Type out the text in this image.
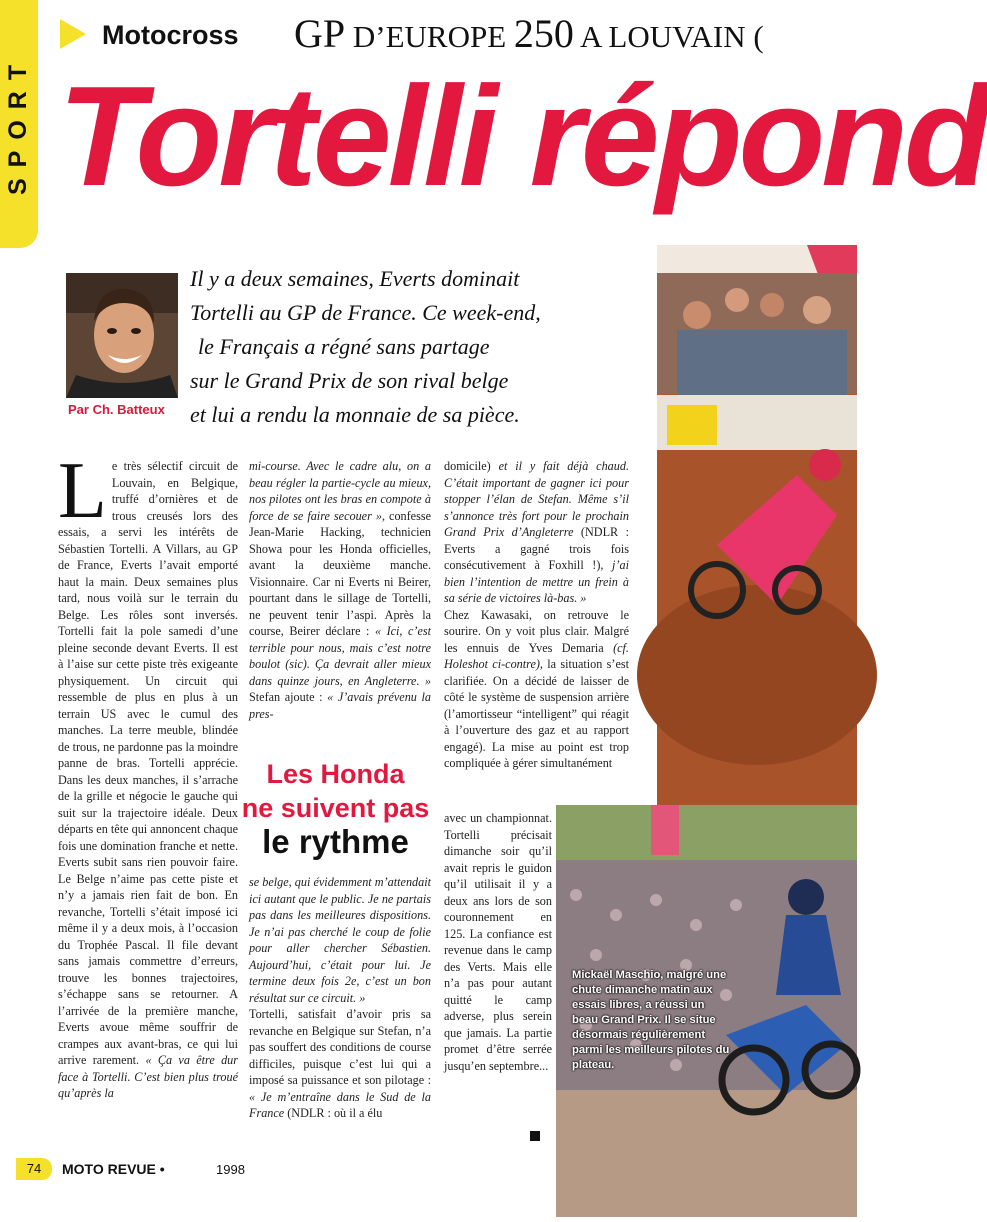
SPORT
Motocross GP D’EUROPE 250 A LOUVAIN (
Tortelli répond
Par Ch. Batteux
Il y a deux semaines, Everts dominait
Tortelli au GP de France. Ce week-end,
le Français a régné sans partage
sur le Grand Prix de son rival belge
et lui a rendu la monnaie de sa pièce.
Le très sélectif circuit de Louvain, en Belgique, truffé d’ornières et de trous creusés lors des essais, a servi les intérêts de Sébastien Tortelli. A Villars, au GP de France, Everts l’avait emporté haut la main. Deux semaines plus tard, nous voilà sur le terrain du Belge. Les rôles sont inversés. Tortelli fait la pole samedi d’une pleine seconde devant Everts. Il est à l’aise sur cette piste très exigeante physiquement. Un circuit qui ressemble de plus en plus à un terrain US avec le cumul des manches. La terre meuble, blindée de trous, ne pardonne pas la moindre panne de bras. Tortelli apprécie. Dans les deux manches, il s’arrache de la grille et négocie le gauche qui suit sur la trajectoire idéale. Deux départs en tête qui annoncent chaque fois une domination franche et nette. Everts subit sans rien pouvoir faire. Le Belge n’aime pas cette piste et n’y a jamais rien fait de bon. En revanche, Tortelli s’était imposé ici même il y a deux mois, à l’occasion du Trophée Pascal. Il file devant sans jamais commettre d’erreurs, trouve les bonnes trajectoires, s’échappe sans se retourner. A l’arrivée de la première manche, Everts avoue même souffrir de crampes aux avant-bras, ce qui lui arrive rarement. « Ça va être dur face à Tortelli. C’est bien plus troué qu’après la
mi-course. Avec le cadre alu, on a beau régler la partie-cycle au mieux, nos pilotes ont les bras en compote à force de se faire secouer », confesse Jean-Marie Hacking, technicien Showa pour les Honda officielles, avant la deuxième manche. Visionnaire. Car ni Everts ni Beirer, pourtant dans le sillage de Tortelli, ne peuvent tenir l’aspi. Après la course, Beirer déclare : « Ici, c’est terrible pour nous, mais c’est notre boulot (sic). Ça devrait aller mieux dans quinze jours, en Angleterre. » Stefan ajoute : « J’avais prévenu la pres-
Les Honda
ne suivent pas
le rythme
se belge, qui évidemment m’attendait ici autant que le public. Je ne partais pas dans les meilleures dispositions. Je n’ai pas cherché le coup de folie pour aller chercher Sébastien. Aujourd’hui, c’était pour lui. Je termine deux fois 2e, c’est un bon résultat sur ce circuit. »
Tortelli, satisfait d’avoir pris sa revanche en Belgique sur Stefan, n’a pas souffert des conditions de course difficiles, puisque c’est lui qui a imposé sa puissance et son pilotage : « Je m’entraîne dans le Sud de la France (NDLR : où il a élu
domicile) et il y fait déjà chaud. C’était important de gagner ici pour stopper l’élan de Stefan. Même s’il s’annonce très fort pour le prochain Grand Prix d’Angleterre (NDLR : Everts a gagné trois fois consécutivement à Foxhill !), j’ai bien l’intention de mettre un frein à sa série de victoires là-bas. »
Chez Kawasaki, on retrouve le sourire. On y voit plus clair. Malgré les ennuis de Yves Demaria (cf. Holeshot ci-contre), la situation s’est clarifiée. On a décidé de laisser de côté le système de suspension arrière (l’amortisseur “intelligent” qui réagit à l’ouverture des gaz et au rapport engagé). La mise au point est trop compliquée à gérer simultanément
avec un championnat. Tortelli précisait dimanche soir qu’il avait repris le guidon qu’il utilisait il y a deux ans lors de son couronnement en 125. La confiance est revenue dans le camp des Verts. Mais elle n’a pas pour autant quitté le camp adverse, plus serein que jamais. La partie promet d’être serrée jusqu’en septembre...
Mickaël Maschio, malgré une chute dimanche matin aux essais libres, a réussi un beau Grand Prix. Il se situe désormais régulièrement parmi les meilleurs pilotes du plateau.
74	MOTO REVUE •	1998
